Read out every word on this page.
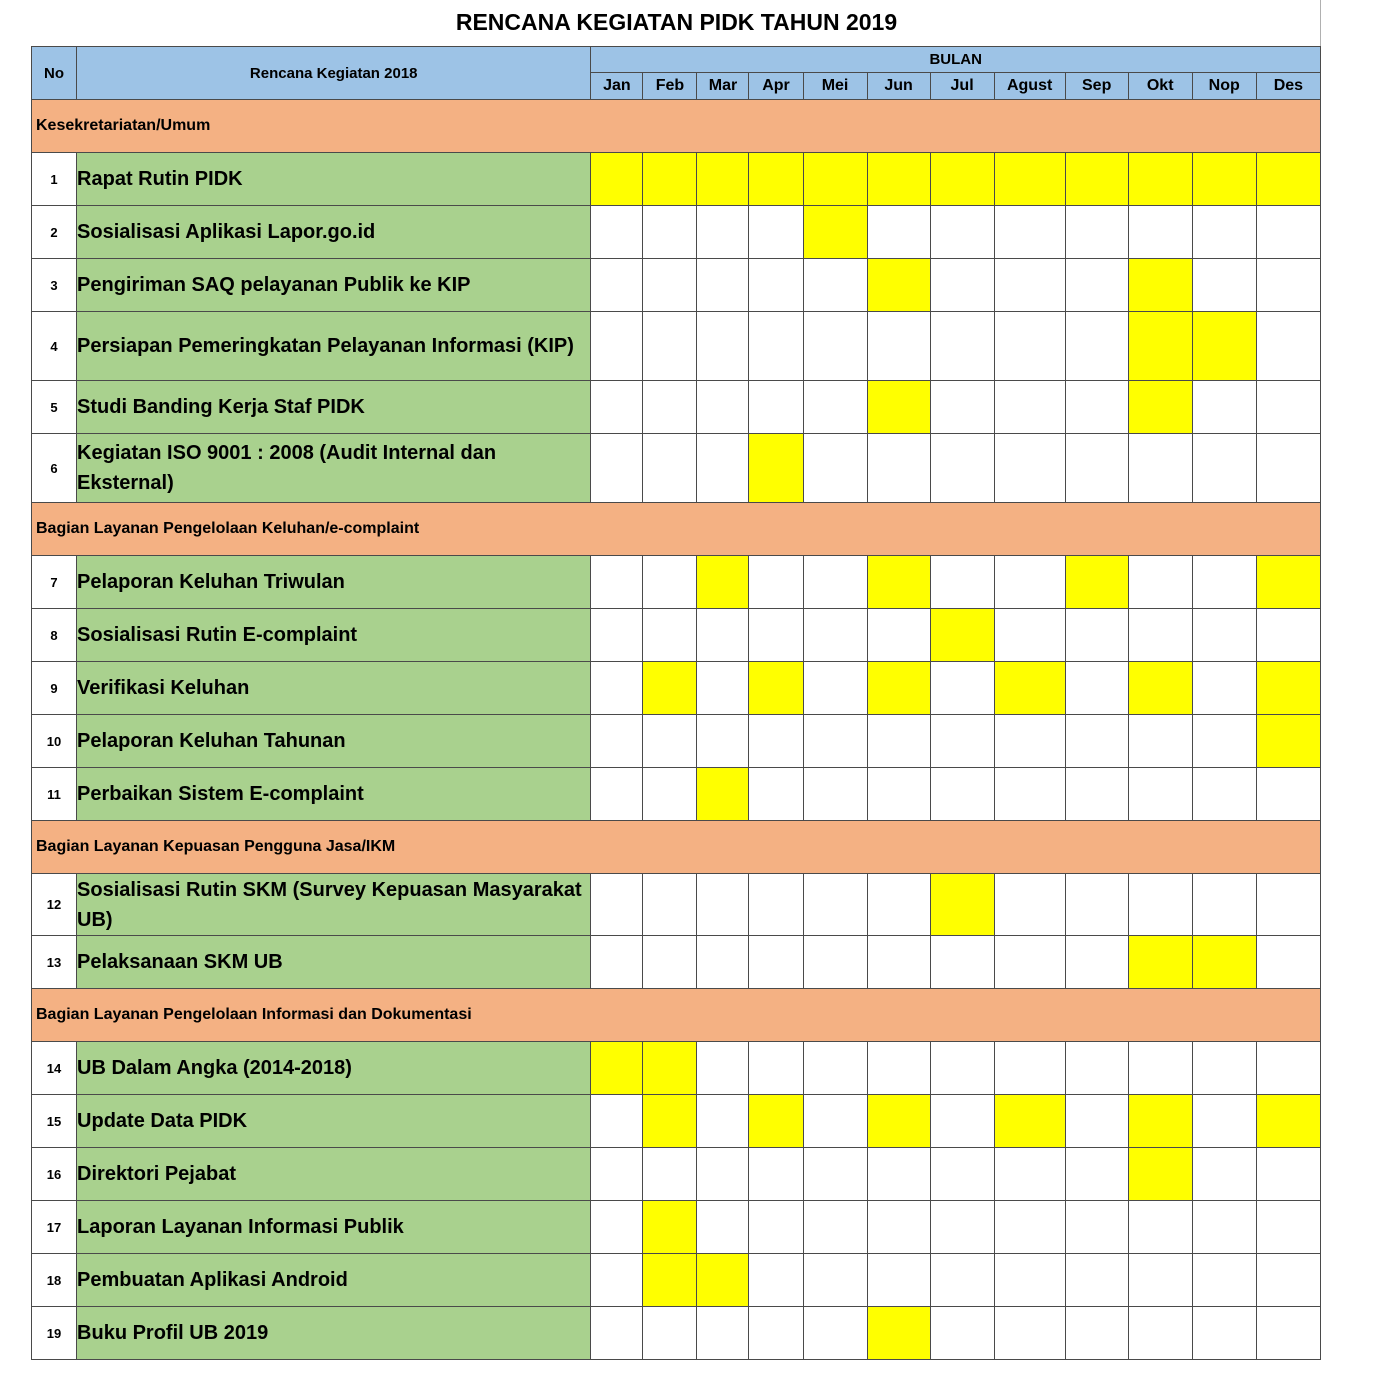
RENCANA KEGIATAN PIDK TAHUN 2019
No	Rencana Kegiatan 2018	BULAN											
		Jan	Feb	Mar	Apr	Mei	Jun	Jul	Agust	Sep	Okt	Nop	Des
Kesekretariatan/Umum													
1	Rapat Rutin PIDK												
2	Sosialisasi Aplikasi Lapor.go.id												
3	Pengiriman SAQ pelayanan Publik ke KIP												
4	Persiapan Pemeringkatan Pelayanan Informasi (KIP)												
5	Studi Banding Kerja Staf PIDK												
6	Kegiatan ISO 9001 : 2008 (Audit Internal dan Eksternal)												
Bagian Layanan Pengelolaan Keluhan/e-complaint													
7	Pelaporan Keluhan Triwulan												
8	Sosialisasi Rutin E-complaint												
9	Verifikasi Keluhan												
10	Pelaporan Keluhan Tahunan												
11	Perbaikan Sistem E-complaint												
Bagian Layanan Kepuasan Pengguna Jasa/IKM													
12	Sosialisasi Rutin SKM (Survey Kepuasan Masyarakat UB)												
13	Pelaksanaan SKM UB												
Bagian Layanan Pengelolaan Informasi dan Dokumentasi													
14	UB Dalam Angka (2014-2018)												
15	Update Data PIDK												
16	Direktori Pejabat												
17	Laporan Layanan Informasi Publik												
18	Pembuatan Aplikasi Android												
19	Buku Profil UB 2019												
